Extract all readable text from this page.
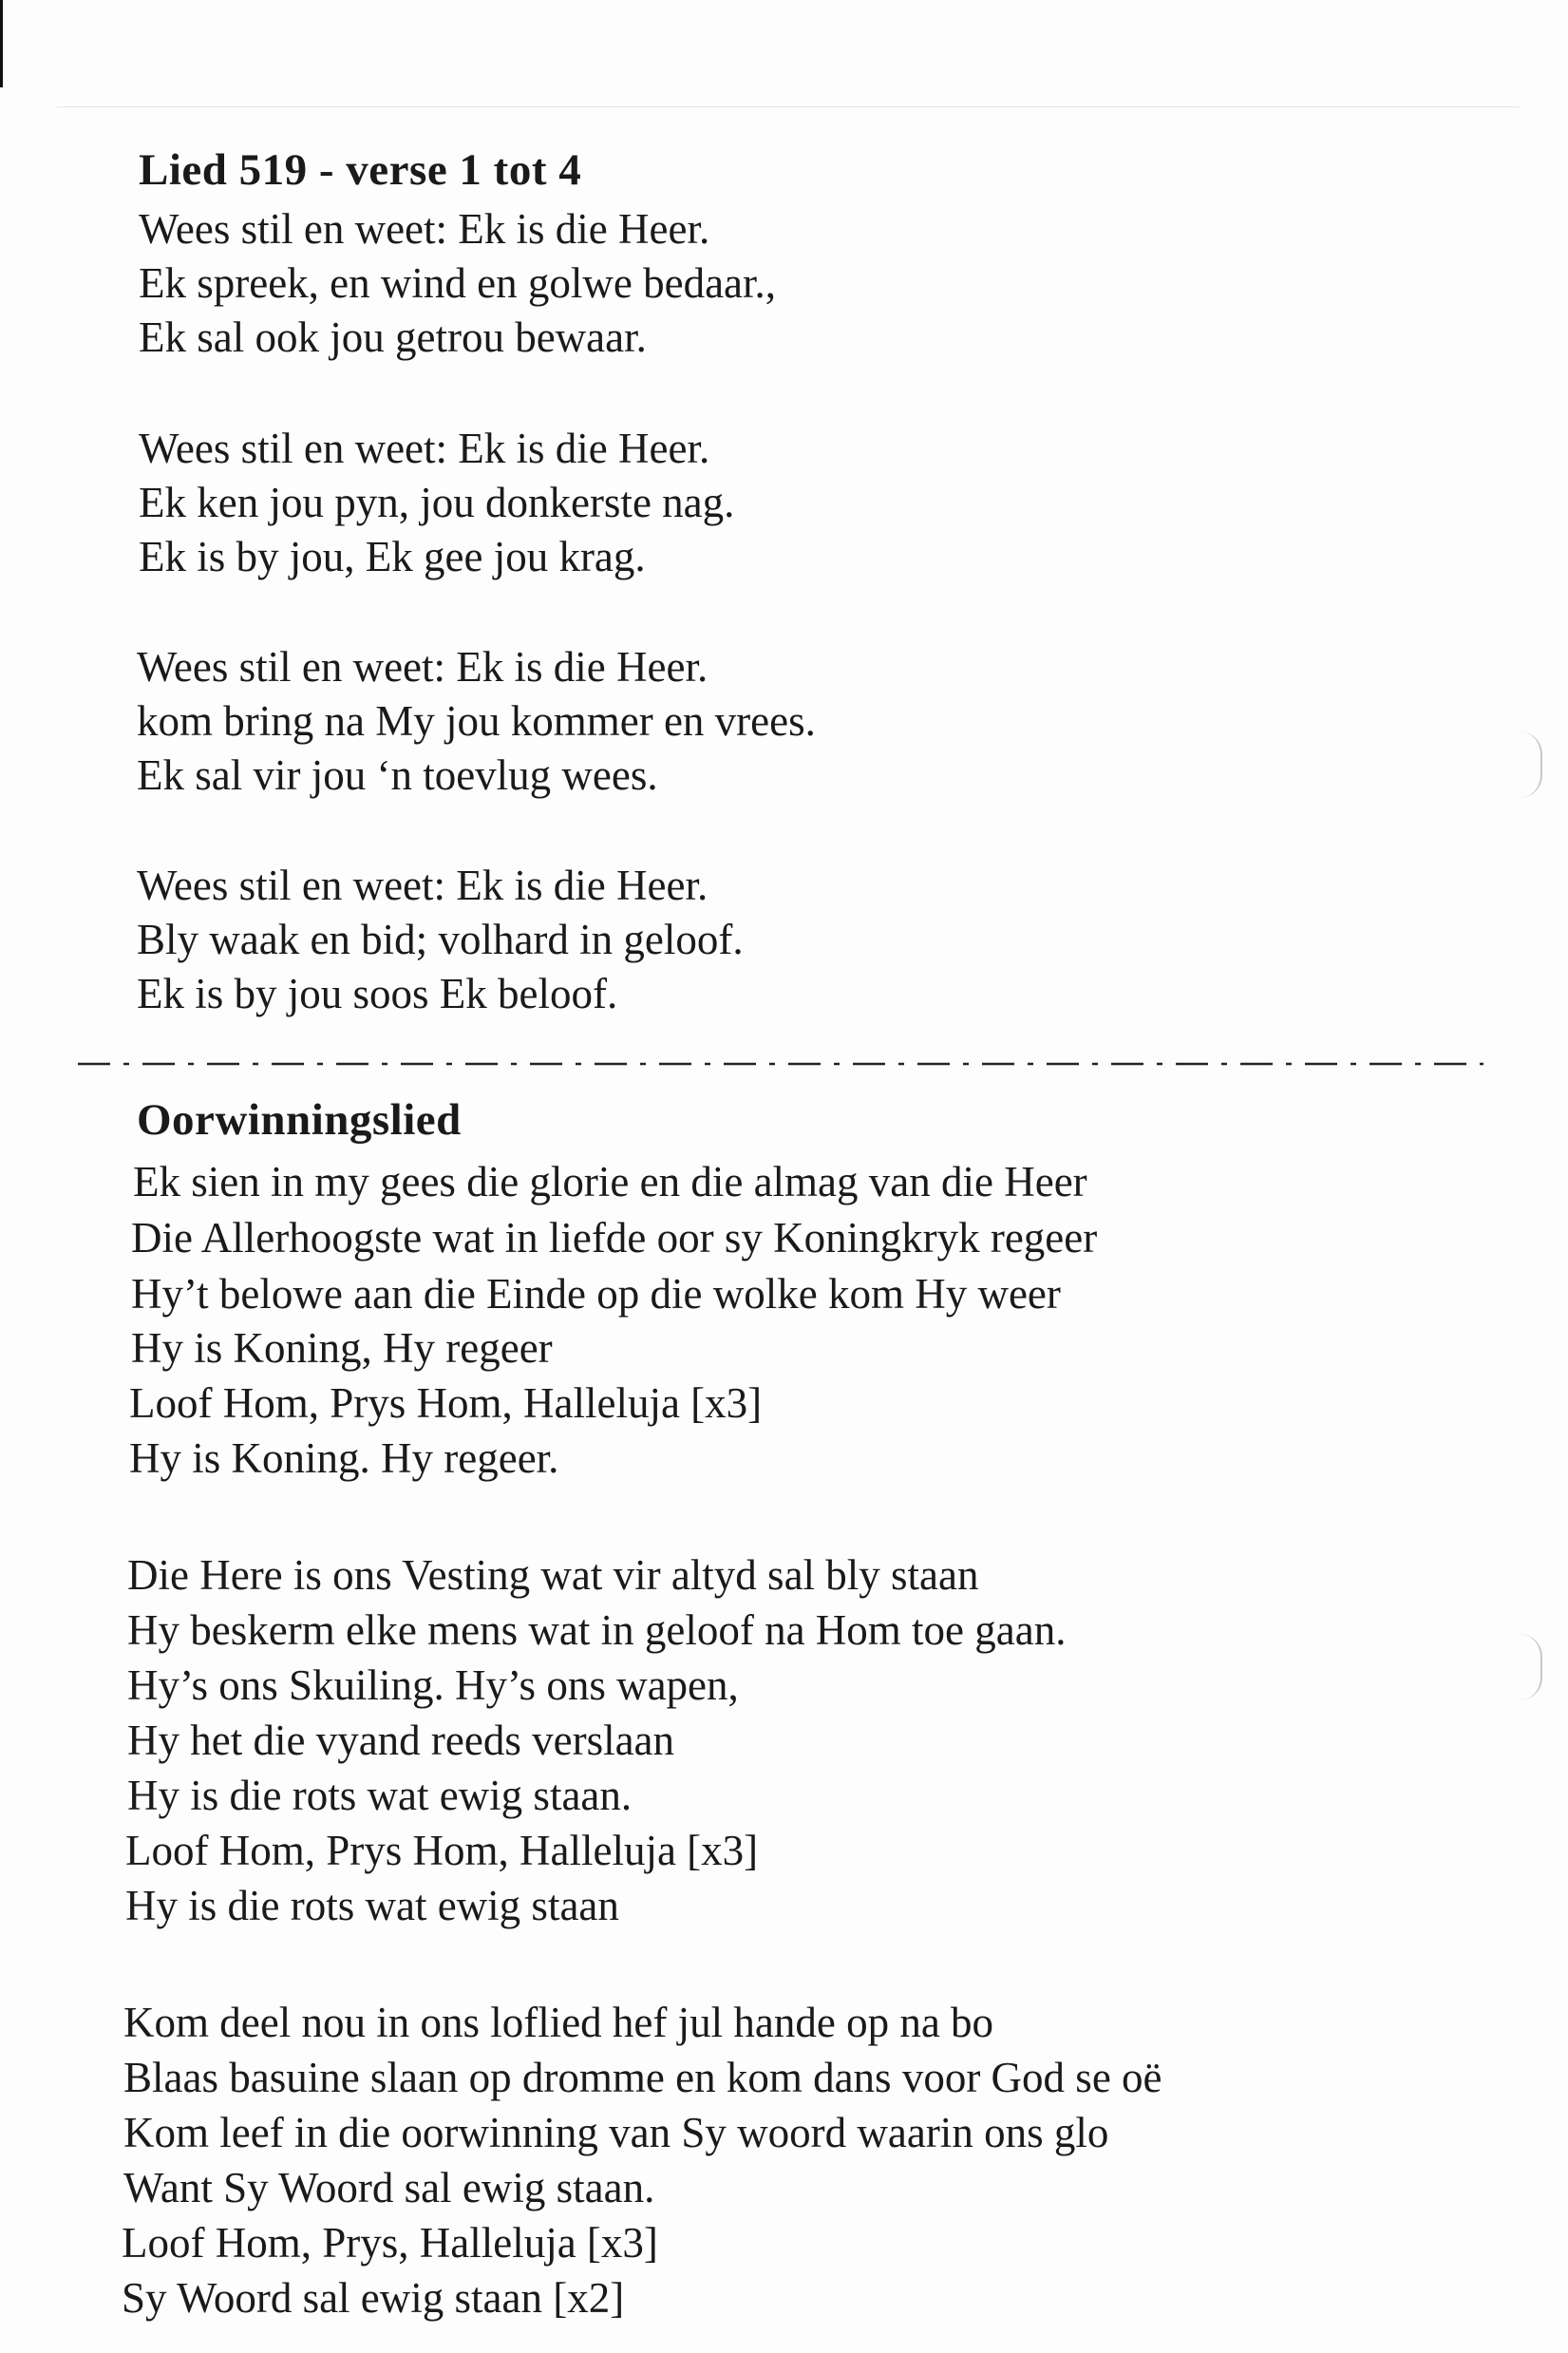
Lied 519 - verse 1 tot 4
Wees stil en weet: Ek is die Heer.
Ek spreek, en wind en golwe bedaar.,
Ek sal ook jou getrou bewaar.
Wees stil en weet: Ek is die Heer.
Ek ken jou pyn, jou donkerste nag.
Ek is by jou, Ek gee jou krag.
Wees stil en weet: Ek is die Heer.
kom bring na My jou kommer en vrees.
Ek sal vir jou ‘n toevlug wees.
Wees stil en weet: Ek is die Heer.
Bly waak en bid; volhard in geloof.
Ek is by jou soos Ek beloof.
Oorwinningslied
Ek sien in my gees die glorie en die almag van die Heer
Die Allerhoogste wat in liefde oor sy Koningkryk regeer
Hy’t belowe aan die Einde op die wolke kom Hy weer
Hy is Koning, Hy regeer
Loof Hom, Prys Hom, Halleluja [x3]
Hy is Koning. Hy regeer.
Die Here is ons Vesting wat vir altyd sal bly staan
Hy beskerm elke mens wat in geloof na Hom toe gaan.
Hy’s ons Skuiling. Hy’s ons wapen,
Hy het die vyand reeds verslaan
Hy is die rots wat ewig staan.
Loof Hom, Prys Hom, Halleluja [x3]
Hy is die rots wat ewig staan
Kom deel nou in ons loflied hef jul hande op na bo
Blaas basuine slaan op dromme en kom dans voor God se oë
Kom leef in die oorwinning van Sy woord waarin ons glo
Want Sy Woord sal ewig staan.
Loof Hom, Prys, Halleluja [x3]
Sy Woord sal ewig staan [x2]
